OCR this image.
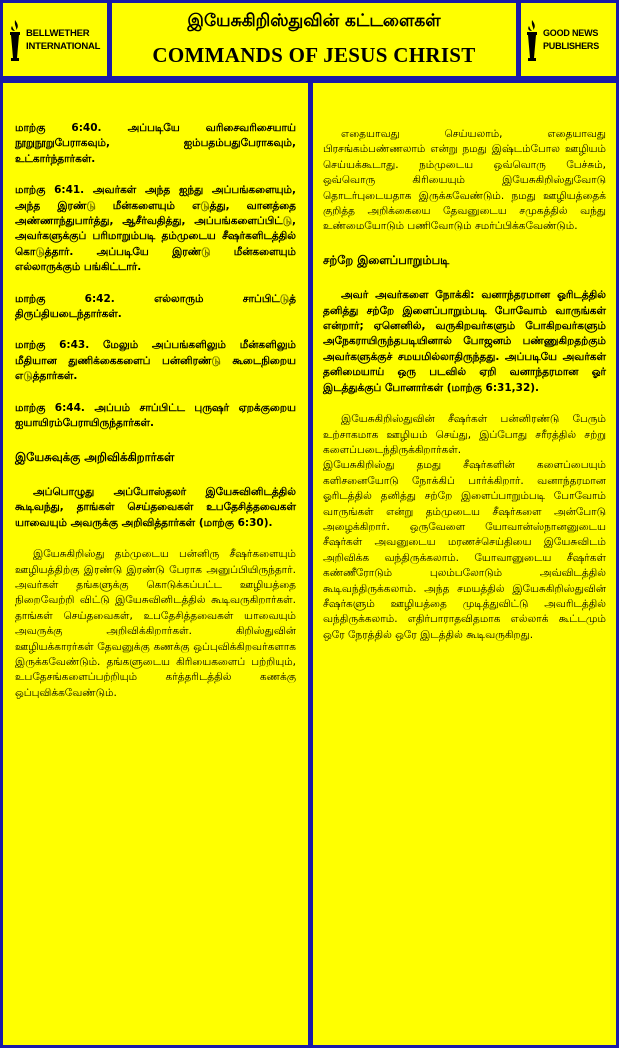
BELLWETHER
INTERNATIONAL
இயேசுகிறிஸ்துவின் கட்டளைகள்
COMMANDS OF JESUS CHRIST
GOOD NEWS
PUBLISHERS

மாற்கு 6:40. அப்படியே வரிசைவரிசையாய் நூறுநூறுபேராகவும், ஐம்பதம்பதுபேராகவும், உட்கார்ந்தார்கள்.

மாற்கு 6:41. அவர்கள் அந்த ஐந்து அப்பங்களையும், அந்த இரண்டு மீன்களையும் எடுத்து, வானத்தை அண்ணாந்துபார்த்து, ஆசீர்வதித்து, அப்பங்களைப்பிட்டு, அவர்களுக்குப் பரிமாறும்படி தம்முடைய சீஷர்களிடத்தில் கொடுத்தார். அப்படியே இரண்டு மீன்களையும் எல்லாருக்கும் பங்கிட்டார்.

மாற்கு 6:42. எல்லாரும் சாப்பிட்டுத் திருப்தியடைந்தார்கள்.

மாற்கு 6:43. மேலும் அப்பங்களிலும் மீன்களிலும் மீதியான துணிக்கைகளைப் பன்னிரண்டு கூடைநிறைய எடுத்தார்கள்.

மாற்கு 6:44. அப்பம் சாப்பிட்ட புருஷர் ஏறக்குறைய ஐயாயிரம்பேராயிருந்தார்கள்.

இயேசுவுக்கு அறிவிக்கிறார்கள்

அப்பொழுது அப்போஸ்தலர் இயேசுவினிடத்தில் கூடிவந்து, தாங்கள் செய்தவைகள் உபதேசித்தவைகள் யாவையும் அவருக்கு அறிவித்தார்கள் (மாற்கு 6:30).

இயேசுகிறிஸ்து தம்முடைய பன்னிரு சீஷர்களையும் ஊழியத்திற்கு இரண்டு இரண்டு பேராக அனுப்பியிருந்தார். அவர்கள் தங்களுக்கு கொடுக்கப்பட்ட ஊழியத்தை நிறைவேற்றி விட்டு இயேசுவினிடத்தில் கூடிவருகிறார்கள். தாங்கள் செய்தவைகள், உபதேசித்தவைகள் யாவையும் அவருக்கு அறிவிக்கிறார்கள். கிறிஸ்துவின் ஊழியக்காரர்கள் தேவனுக்கு கணக்கு ஒப்புவிக்கிறவர்களாக இருக்கவேண்டும். தங்களுடைய கிரியைகளைப் பற்றியும், உபதேசங்களைப்பற்றியும் கர்த்தரிடத்தில் கணக்கு ஒப்புவிக்கவேண்டும்.

எதையாவது செய்யலாம், எதையாவது பிரசங்கம்பண்ணலாம் என்று நமது இஷ்டம்போல ஊழியம் செய்யக்கூடாது. நம்முடைய ஒவ்வொரு பேச்சும், ஒவ்வொரு கிரியையும் இயேசுகிறிஸ்துவோடு தொடர்புடையதாக இருக்கவேண்டும். நமது ஊழியத்தைக் குறித்த அறிக்கையை தேவனுடைய சமுகத்தில் வந்து உண்மையோடும் பணிவோடும் சமர்ப்பிக்கவேண்டும்.

சற்றே இளைப்பாறும்படி

அவர் அவர்களை நோக்கி: வனாந்தரமான ஓரிடத்தில் தனித்து சற்றே இளைப்பாறும்படி போவோம் வாருங்கள் என்றார்; ஏனெனில், வருகிறவர்களும் போகிறவர்களும் அநேகராயிருந்தபடியினால் போஜனம் பண்ணுகிறதற்கும் அவர்களுக்குச் சமயமில்லாதிருந்தது. அப்படியே அவர்கள் தனிமையாய் ஒரு படவில் ஏறி வனாந்தரமான ஓர் இடத்துக்குப் போனார்கள் (மாற்கு 6:31,32).

இயேசுகிறிஸ்துவின் சீஷர்கள் பன்னிரண்டு பேரும் உற்சாகமாக ஊழியம் செய்து, இப்போது சரீரத்தில் சற்று களைப்படைந்திருக்கிறார்கள்.

இயேசுகிறிஸ்து தமது சீஷர்களின் களைப்பையும் களிசனையோடு நோக்கிப் பார்க்கிறார். வனாந்தரமான ஓரிடத்தில் தனித்து சற்றே இளைப்பாறும்படி போவோம் வாருங்கள் என்று தம்முடைய சீஷர்களை அன்போடு அழைக்கிறார். ஒருவேளை யோவான்ஸ்நானனுடைய சீஷர்கள் அவனுடைய மரணச்செய்தியை இயேசுவிடம் அறிவிக்க வந்திருக்கலாம். யோவானுடைய சீஷர்கள் கண்ணீரோடும் புலம்பலோடும் அவ்விடத்தில் கூடிவந்திருக்கலாம். அந்த சமயத்தில் இயேசுகிறிஸ்துவின் சீஷர்களும் ஊழியத்தை முடித்துவிட்டு அவரிடத்தில் வந்திருக்கலாம். எதிர்பாராதவிதமாக எல்லாக் கூட்டமும் ஒரே நேரத்தில் ஒரே இடத்தில் கூடிவருகிறது.
